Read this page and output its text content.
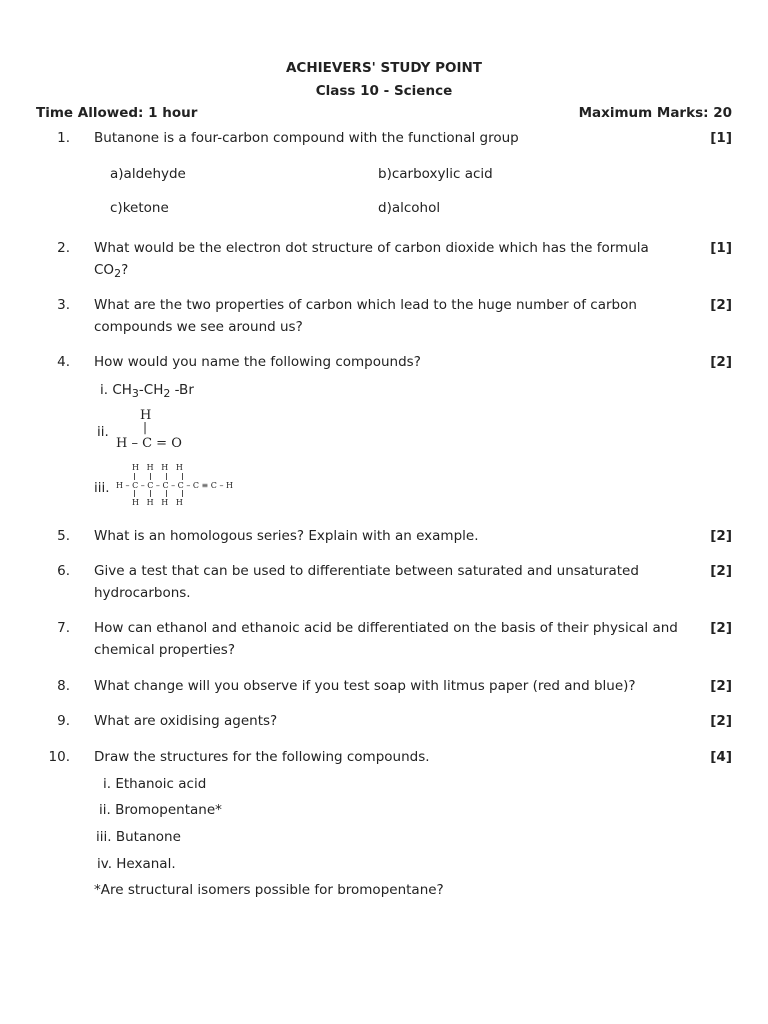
ACHIEVERS' STUDY POINT
Class 10 - Science
Time Allowed: 1 hour	Maximum Marks: 20
1. Butanone is a four-carbon compound with the functional group	[1]
a)aldehyde	b)carboxylic acid
c)ketone	d)alcohol
2. What would be the electron dot structure of carbon dioxide which has the formula $CO_2$?
[1]
3. What are the two properties of carbon which lead to the huge number of carbon compounds we see around us?
[2]
4. How would you name the following compounds?	[2]
i. $CH_3-CH_2$ -Br
ii.
H
|
H – C = O
iii.
H   H   H   H
H – C – C – C – C – C ≡ C – H
H   H   H   H
5. What is an homologous series? Explain with an example.	[2]
6. Give a test that can be used to differentiate between saturated and unsaturated hydrocarbons.
[2]
7. How can ethanol and ethanoic acid be differentiated on the basis of their physical and chemical properties?
[2]
8. What change will you observe if you test soap with litmus paper (red and blue)?	[2]
9. What are oxidising agents?	[2]
10. Draw the structures for the following compounds.	[4]
i. Ethanoic acid
ii. Bromopentane*
iii. Butanone
iv. Hexanal.
*Are structural isomers possible for bromopentane?
